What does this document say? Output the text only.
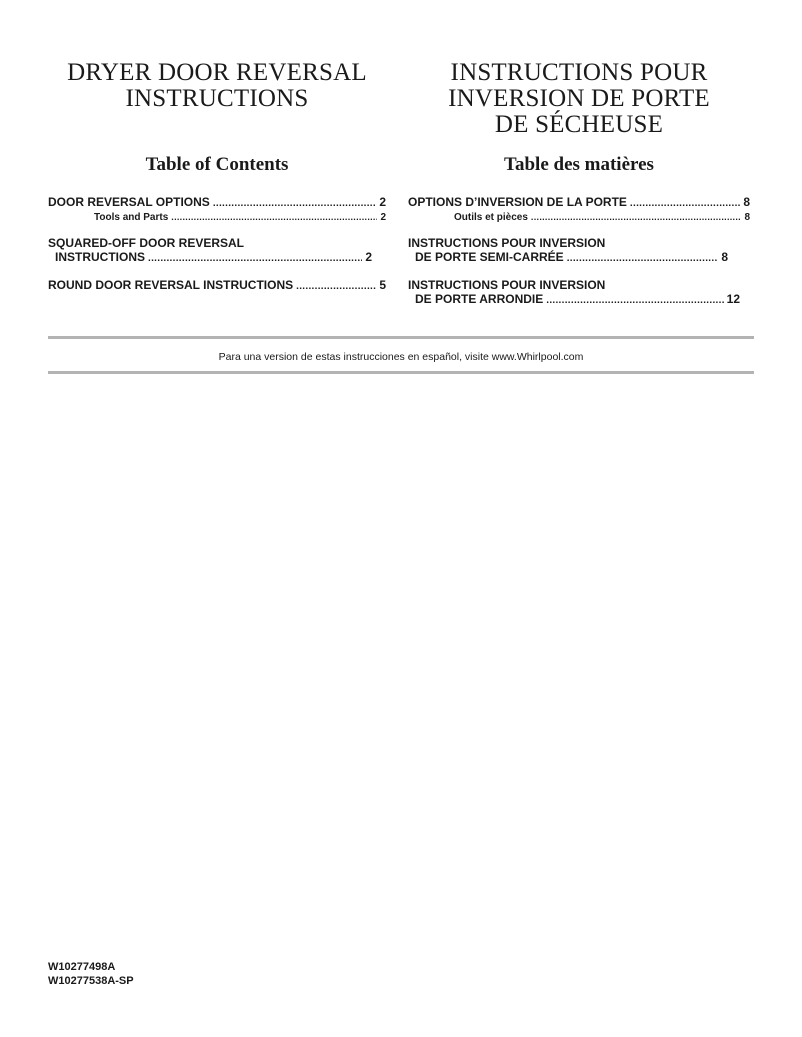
DRYER DOOR REVERSAL
INSTRUCTIONS
Table of Contents
INSTRUCTIONS POUR
INVERSION DE PORTE
DE SÉCHEUSE
Table des matières
DOOR REVERSAL OPTIONS .....	2
Tools and Parts .....	2
SQUARED-OFF DOOR REVERSAL
INSTRUCTIONS .....	2
ROUND DOOR REVERSAL INSTRUCTIONS .....	5
OPTIONS D’INVERSION DE LA PORTE .....	8
Outils et pièces .....	8
INSTRUCTIONS POUR INVERSION
DE PORTE SEMI-CARRÉE .....	8
INSTRUCTIONS POUR INVERSION
DE PORTE ARRONDIE .....	12
Para una version de estas instrucciones en español, visite www.Whirlpool.com
W10277498A
W10277538A-SP
